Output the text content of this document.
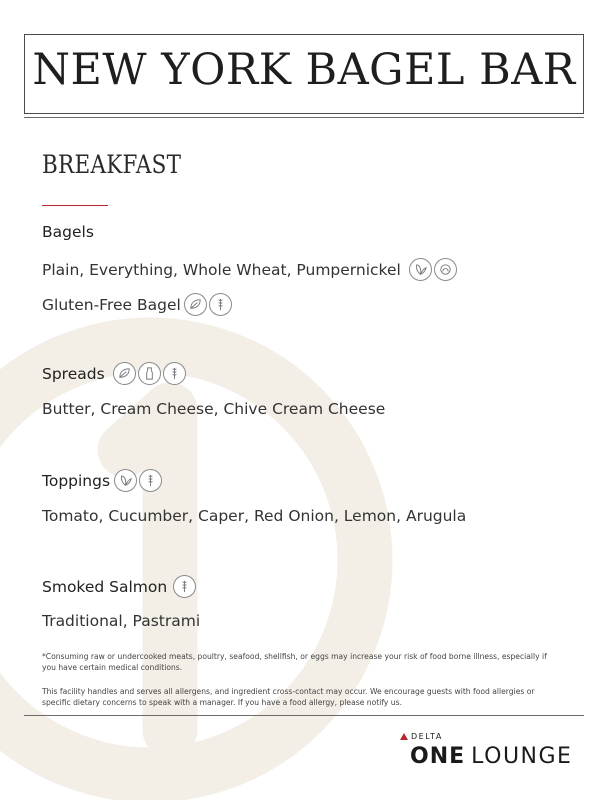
NEW YORK BAGEL BAR
BREAKFAST
Bagels
Plain, Everything, Whole Wheat, Pumpernickel
Gluten-Free Bagel
Spreads
Butter, Cream Cheese, Chive Cream Cheese
Toppings
Tomato, Cucumber, Caper, Red Onion, Lemon, Arugula
Smoked Salmon
Traditional, Pastrami
*Consuming raw or undercooked meats, poultry, seafood, shellfish, or eggs may increase your risk of food borne illness, especially if you have certain medical conditions.
This facility handles and serves all allergens, and ingredient cross-contact may occur. We encourage guests with food allergies or specific dietary concerns to speak with a manager. If you have a food allergy, please notify us.
DELTA
ONE LOUNGE
